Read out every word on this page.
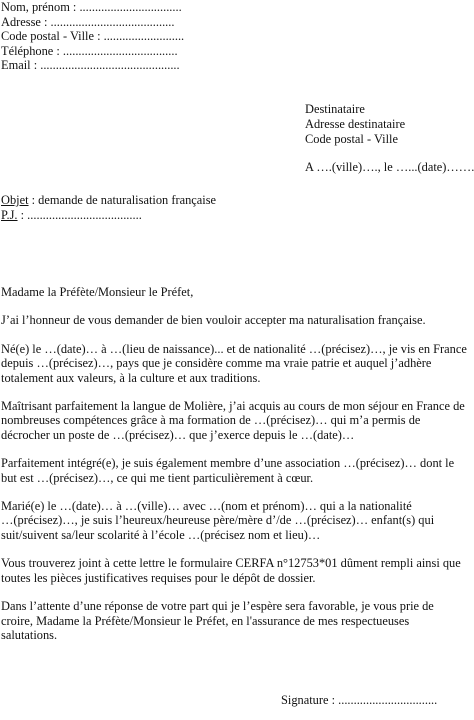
Nom, prénom : .................................
Adresse : ........................................
Code postal - Ville : ..........................
Téléphone : .....................................
Email : .............................................
Destinataire
Adresse destinataire
Code postal - Ville
A ….(ville)…., le …...(date)…….
Objet : demande de naturalisation française
P.J. : .....................................

Madame la Préfète/Monsieur le Préfet,

J’ai l’honneur de vous demander de bien vouloir accepter ma naturalisation française.

Né(e) le …(date)… à …(lieu de naissance)... et de nationalité …(précisez)…, je vis en France
depuis …(précisez)…, pays que je considère comme ma vraie patrie et auquel j’adhère
totalement aux valeurs, à la culture et aux traditions.
Maîtrisant parfaitement la langue de Molière, j’ai acquis au cours de mon séjour en France de
nombreuses compétences grâce à ma formation de …(précisez)… qui m’a permis de
décrocher un poste de …(précisez)… que j’exerce depuis le …(date)…
Parfaitement intégré(e), je suis également membre d’une association …(précisez)… dont le
but est …(précisez)…, ce qui me tient particulièrement à cœur.
Marié(e) le …(date)… à …(ville)… avec …(nom et prénom)… qui a la nationalité
…(précisez)…, je suis l’heureux/heureuse père/mère d’/de …(précisez)… enfant(s) qui
suit/suivent sa/leur scolarité à l’école …(précisez nom et lieu)…
Vous trouverez joint à cette lettre le formulaire CERFA n°12753*01 dûment rempli ainsi que
toutes les pièces justificatives requises pour le dépôt de dossier.
Dans l’attente d’une réponse de votre part qui je l’espère sera favorable, je vous prie de
croire, Madame la Préfète/Monsieur le Préfet, en l'assurance de mes respectueuses
salutations.
Signature : ................................
